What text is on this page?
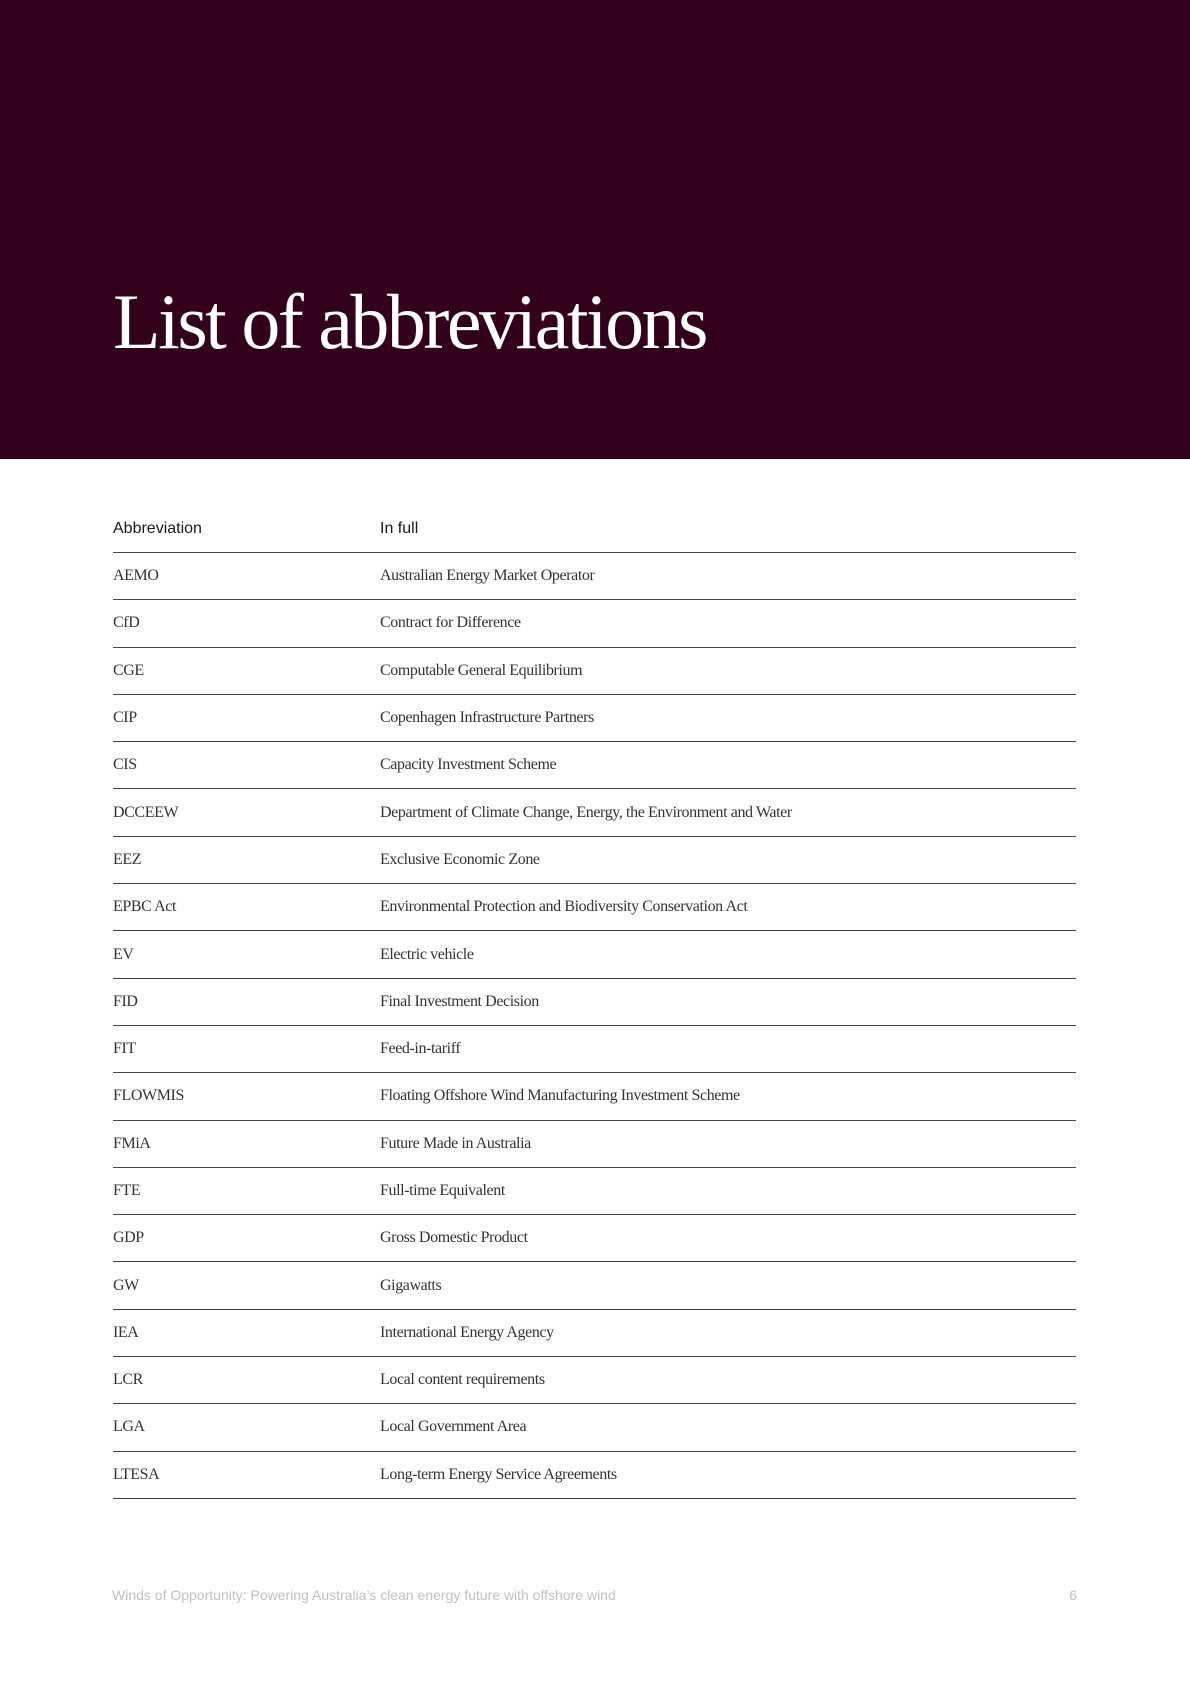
List of abbreviations
Abbreviation	In full
AEMO	Australian Energy Market Operator
CfD	Contract for Difference
CGE	Computable General Equilibrium
CIP	Copenhagen Infrastructure Partners
CIS	Capacity Investment Scheme
DCCEEW	Department of Climate Change, Energy, the Environment and Water
EEZ	Exclusive Economic Zone
EPBC Act	Environmental Protection and Biodiversity Conservation Act
EV	Electric vehicle
FID	Final Investment Decision
FIT	Feed-in-tariff
FLOWMIS	Floating Offshore Wind Manufacturing Investment Scheme
FMiA	Future Made in Australia
FTE	Full-time Equivalent
GDP	Gross Domestic Product
GW	Gigawatts
IEA	International Energy Agency
LCR	Local content requirements
LGA	Local Government Area
LTESA	Long-term Energy Service Agreements
Winds of Opportunity: Powering Australia’s clean energy future with offshore wind	6
